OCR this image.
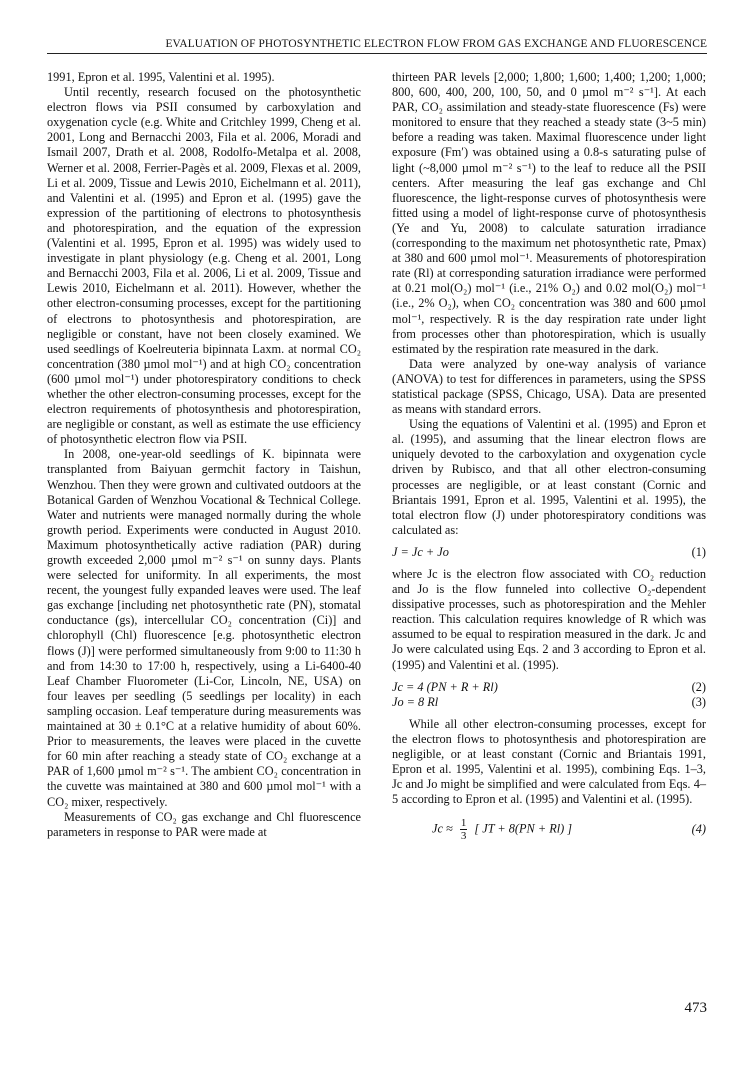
EVALUATION OF PHOTOSYNTHETIC ELECTRON FLOW FROM GAS EXCHANGE AND FLUORESCENCE

1991, Epron et al. 1995, Valentini et al. 1995).

Until recently, research focused on the photosynthetic electron flows via PSII consumed by carboxylation and oxygenation cycle (e.g. White and Critchley 1999, Cheng et al. 2001, Long and Bernacchi 2003, Fila et al. 2006, Moradi and Ismail 2007, Drath et al. 2008, Rodolfo-Metalpa et al. 2008, Werner et al. 2008, Ferrier-Pagès et al. 2009, Flexas et al. 2009, Li et al. 2009, Tissue and Lewis 2010, Eichelmann et al. 2011), and Valentini et al. (1995) and Epron et al. (1995) gave the expression of the partitioning of electrons to photosynthesis and photorespiration, and the equation of the expression (Valentini et al. 1995, Epron et al. 1995) was widely used to investigate in plant physiology (e.g. Cheng et al. 2001, Long and Bernacchi 2003, Fila et al. 2006, Li et al. 2009, Tissue and Lewis 2010, Eichelmann et al. 2011). However, whether the other electron-consuming processes, except for the partitioning of electrons to photosynthesis and photorespiration, are negligible or constant, have not been closely examined. We used seedlings of Koelreuteria bipinnata Laxm. at normal CO₂ concentration (380 µmol mol⁻¹) and at high CO₂ concentration (600 µmol mol⁻¹) under photorespiratory conditions to check whether the other electron-consuming processes, except for the electron requirements of photosynthesis and photorespiration, are negligible or constant, as well as estimate the use efficiency of photosynthetic electron flow via PSII.

In 2008, one-year-old seedlings of K. bipinnata were transplanted from Baiyuan germchit factory in Taishun, Wenzhou. Then they were grown and cultivated outdoors at the Botanical Garden of Wenzhou Vocational & Technical College. Water and nutrients were managed normally during the whole growth period. Experiments were conducted in August 2010. Maximum photosynthetically active radiation (PAR) during growth exceeded 2,000 µmol m⁻² s⁻¹ on sunny days. Plants were selected for uniformity. In all experiments, the most recent, the youngest fully expanded leaves were used. The leaf gas exchange [including net photosynthetic rate (PN), stomatal conductance (gs), intercellular CO₂ concentration (Ci)] and chlorophyll (Chl) fluorescence [e.g. photosynthetic electron flows (J)] were performed simultaneously from 9:00 to 11:30 h and from 14:30 to 17:00 h, respectively, using a Li-6400-40 Leaf Chamber Fluorometer (Li-Cor, Lincoln, NE, USA) on four leaves per seedling (5 seedlings per locality) in each sampling occasion. Leaf temperature during measurements was maintained at 30 ± 0.1°C at a relative humidity of about 60%. Prior to measurements, the leaves were placed in the cuvette for 60 min after reaching a steady state of CO₂ exchange at a PAR of 1,600 µmol m⁻² s⁻¹. The ambient CO₂ concentration in the cuvette was maintained at 380 and 600 µmol mol⁻¹ with a CO₂ mixer, respectively.

Measurements of CO₂ gas exchange and Chl fluorescence parameters in response to PAR were made at

thirteen PAR levels [2,000; 1,800; 1,600; 1,400; 1,200; 1,000; 800, 600, 400, 200, 100, 50, and 0 µmol m⁻² s⁻¹]. At each PAR, CO₂ assimilation and steady-state fluorescence (Fs) were monitored to ensure that they reached a steady state (3~5 min) before a reading was taken. Maximal fluorescence under light exposure (Fm′) was obtained using a 0.8-s saturating pulse of light (~8,000 µmol m⁻² s⁻¹) to the leaf to reduce all the PSII centers. After measuring the leaf gas exchange and Chl fluorescence, the light-response curves of photosynthesis were fitted using a model of light-response curve of photosynthesis (Ye and Yu, 2008) to calculate saturation irradiance (corresponding to the maximum net photosynthetic rate, Pmax) at 380 and 600 µmol mol⁻¹. Measurements of photorespiration rate (Rl) at corresponding saturation irradiance were performed at 0.21 mol(O₂) mol⁻¹ (i.e., 21% O₂) and 0.02 mol(O₂) mol⁻¹ (i.e., 2% O₂), when CO₂ concentration was 380 and 600 µmol mol⁻¹, respectively. R is the day respiration rate under light from processes other than photorespiration, which is usually estimated by the respiration rate measured in the dark.

Data were analyzed by one-way analysis of variance (ANOVA) to test for differences in parameters, using the SPSS statistical package (SPSS, Chicago, USA). Data are presented as means with standard errors.

Using the equations of Valentini et al. (1995) and Epron et al. (1995), and assuming that the linear electron flows are uniquely devoted to the carboxylation and oxygenation cycle driven by Rubisco, and that all other electron-consuming processes are negligible, or at least constant (Cornic and Briantais 1991, Epron et al. 1995, Valentini et al. 1995), the total electron flow (J) under photorespiratory conditions was calculated as:

J = Jc + Jo	(1)

where Jc is the electron flow associated with CO₂ reduction and Jo is the flow funneled into collective O₂-dependent dissipative processes, such as photorespiration and the Mehler reaction. This calculation requires knowledge of R which was assumed to be equal to respiration measured in the dark. Jc and Jo were calculated using Eqs. 2 and 3 according to Epron et al. (1995) and Valentini et al. (1995).

Jc = 4 (PN + R + Rl)	(2)
Jo = 8 Rl	(3)

While all other electron-consuming processes, except for the electron flows to photosynthesis and photorespiration are negligible, or at least constant (Cornic and Briantais 1991, Epron et al. 1995, Valentini et al. 1995), combining Eqs. 1–3, Jc and Jo might be simplified and were calculated from Eqs. 4–5 according to Epron et al. (1995) and Valentini et al. (1995).

$Jc \approx \frac{1}{3}$ [ JT + 8(PN + Rl) ]	(4)
473
